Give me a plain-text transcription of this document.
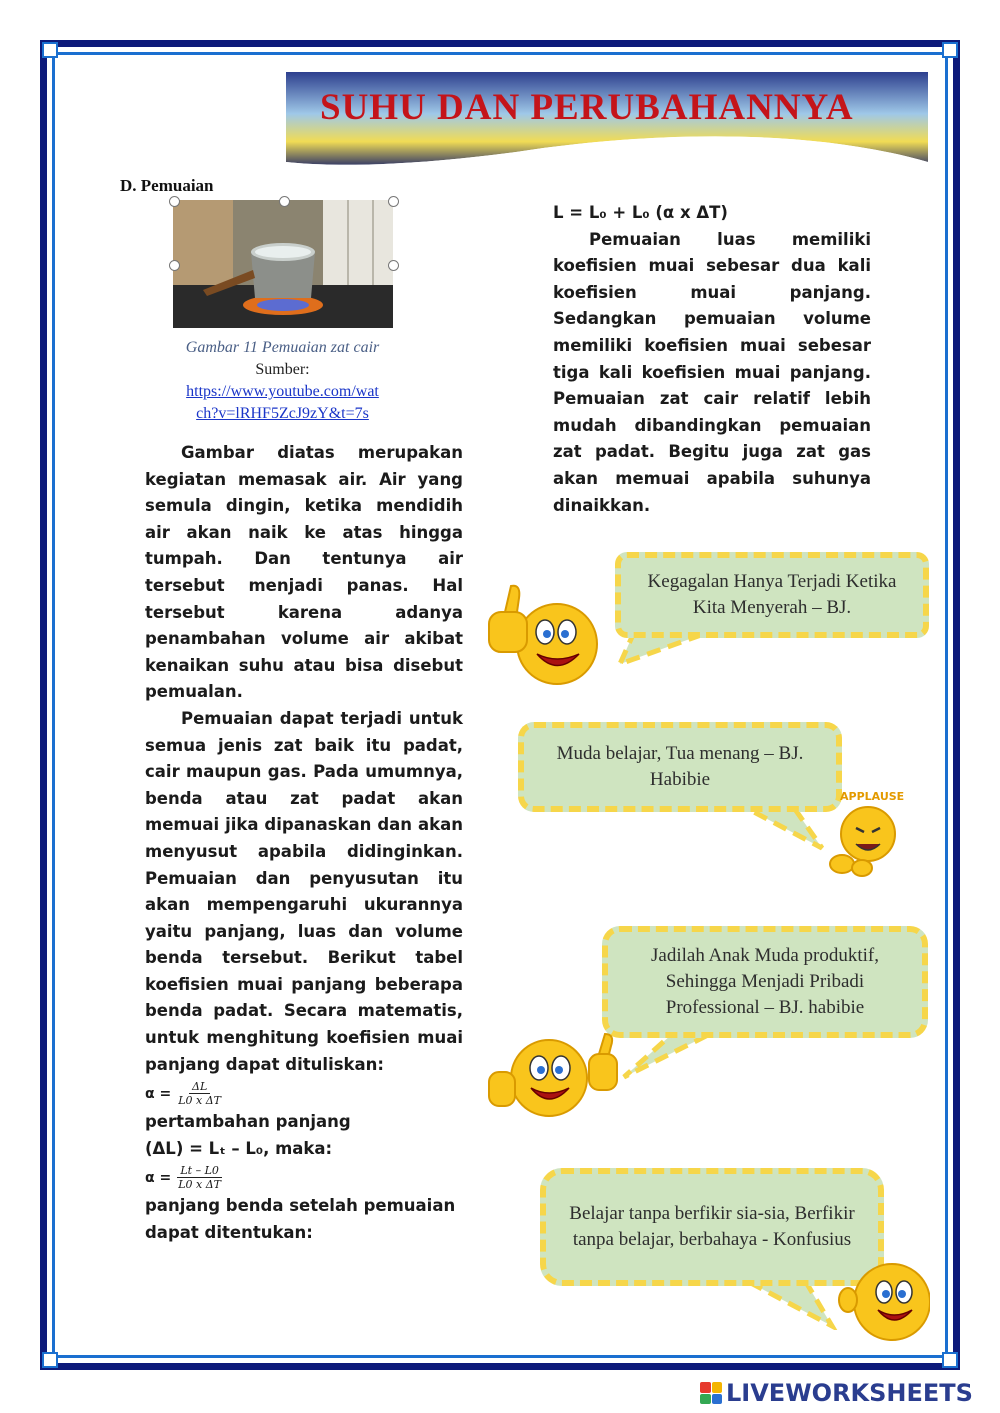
SUHU DAN PERUBAHANNYA
D. Pemuaian
Gambar 11 Pemuaian zat cair
Sumber:
https://www.youtube.com/wat
ch?v=lRHF5ZcJ9zY&t=7s

Gambar diatas merupakan kegiatan memasak air. Air yang semula dingin, ketika mendidih air akan naik ke atas hingga tumpah. Dan tentunya air tersebut menjadi panas. Hal tersebut karena adanya penambahan volume air akibat kenaikan suhu atau bisa disebut pemualan.

Pemuaian dapat terjadi untuk semua jenis zat baik itu padat, cair maupun gas. Pada umumnya, benda atau zat padat akan memuai jika dipanaskan dan akan menyusut apabila didinginkan. Pemuaian dan penyusutan itu akan mempengaruhi ukurannya yaitu panjang, luas dan volume benda tersebut. Berikut tabel koefisien muai panjang beberapa benda padat. Secara matematis, untuk menghitung koefisien muai panjang dapat dituliskan:

$\alpha = \frac{\Delta L}{\text{L0 x ΔT}}$

pertambahan panjang

(ΔL) = Lₜ – L₀, maka:

$\alpha = \frac{Lt - L0}{\text{L0 x ΔT}}$

panjang benda setelah pemuaian dapat ditentukan:

L = L₀ + L₀ (α x ΔT)

Pemuaian luas memiliki koefisien muai sebesar dua kali koefisien muai panjang. Sedangkan pemuaian volume memiliki koefisien muai sebesar tiga kali koefisien muai panjang. Pemuaian zat cair relatif lebih mudah dibandingkan pemuaian zat padat. Begitu juga zat gas akan memuai apabila suhunya dinaikkan.

Kegagalan Hanya Terjadi Ketika Kita Menyerah – BJ.
Muda belajar, Tua menang – BJ. Habibie
Jadilah Anak Muda produktif, Sehingga Menjadi Pribadi Professional – BJ. habibie
Belajar tanpa berfikir sia-sia, Berfikir tanpa belajar, berbahaya - Konfusius
APPLAUSE
LIVEWORKSHEETS
